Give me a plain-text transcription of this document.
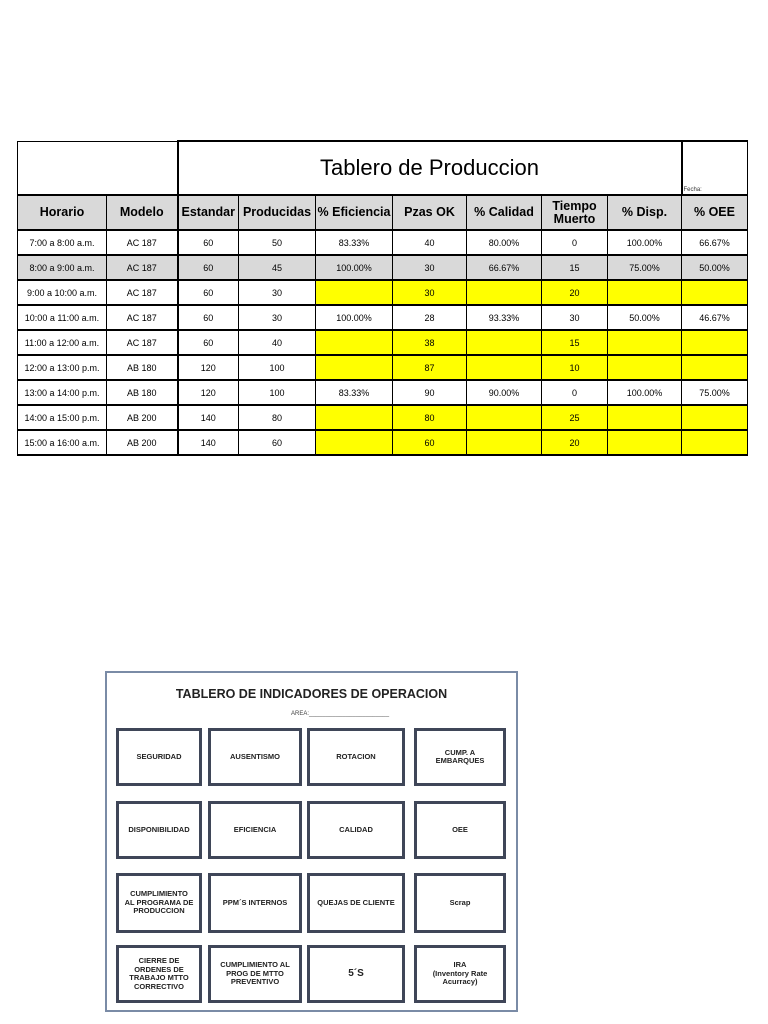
		Tablero de Produccion							Fecha:

Horario	Modelo	Estandar	Producidas	% Eficiencia	Pzas OK	% Calidad	Tiempo Muerto	% Disp.	% OEE
7:00 a 8:00 a.m.	AC 187	60	50	83.33%	40	80.00%	0	100.00%	66.67%
8:00 a 9:00 a.m.	AC 187	60	45	100.00%	30	66.67%	15	75.00%	50.00%
9:00 a 10:00 a.m.	AC 187	60	30		30		20		
10:00 a 11:00 a.m.	AC 187	60	30	100.00%	28	93.33%	30	50.00%	46.67%
11:00 a 12:00 a.m.	AC 187	60	40		38		15		
12:00 a 13:00 p.m.	AB 180	120	100		87		10		
13:00 a 14:00 p.m.	AB 180	120	100	83.33%	90	90.00%	0	100.00%	75.00%
14:00 a 15:00 p.m.	AB 200	140	80		80		25		
15:00 a 16:00 a.m.	AB 200	140	60		60		20		
TABLERO DE INDICADORES DE OPERACION
AREA:________________________
SEGURIDAD	AUSENTISMO	ROTACION	CUMP. A
EMBARQUES
DISPONIBILIDAD	EFICIENCIA	CALIDAD	OEE
CUMPLIMIENTO
AL PROGRAMA DE
PRODUCCION
PPM´S INTERNOS	QUEJAS DE CLIENTE	Scrap
CIERRE DE
ORDENES DE
TRABAJO MTTO
CORRECTIVO
CUMPLIMIENTO AL
PROG DE MTTO
PREVENTIVO
5´S
IRA
(Inventory Rate
Acurracy)
